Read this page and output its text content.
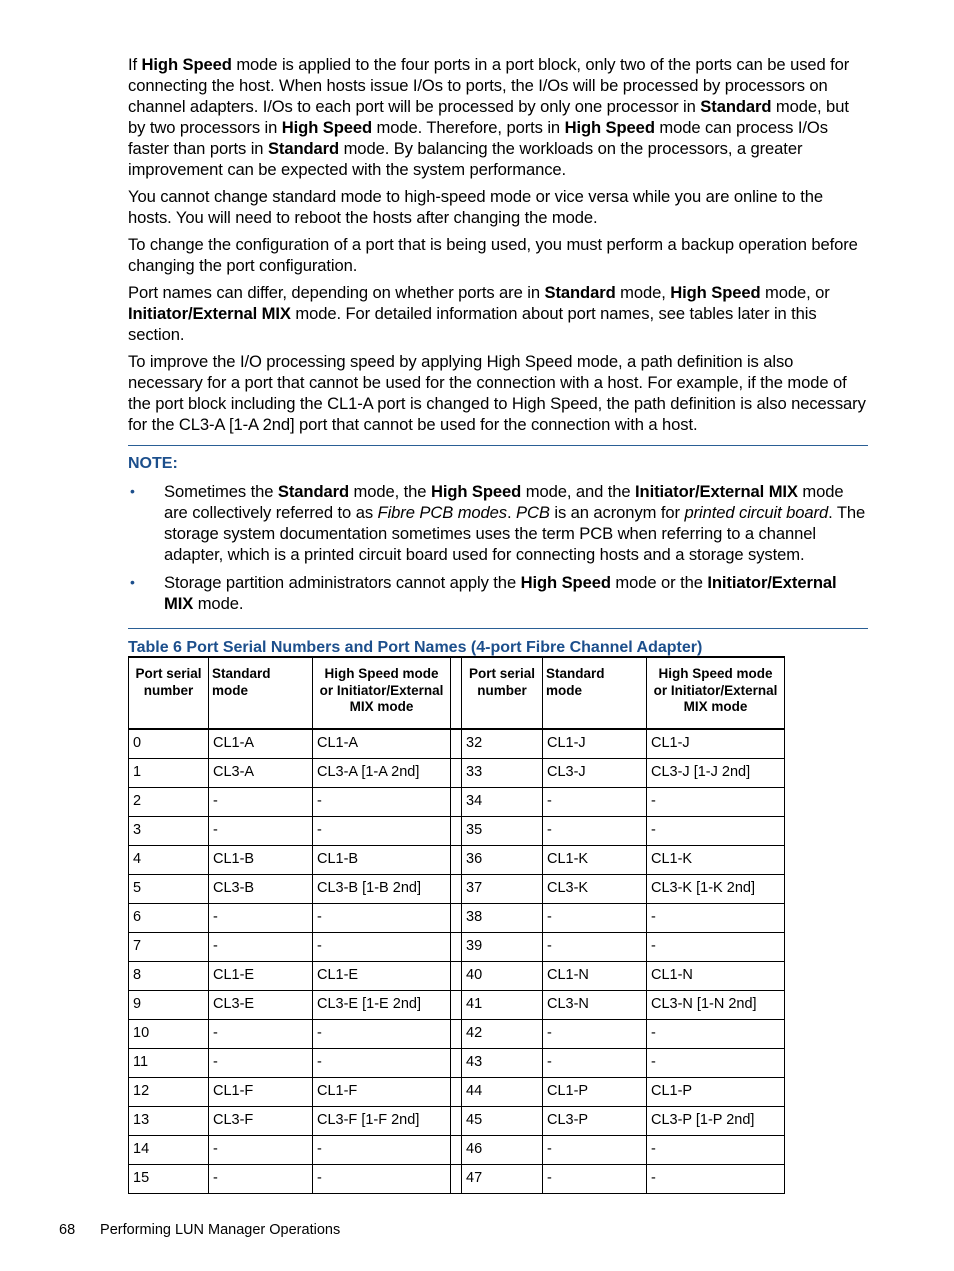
If High Speed mode is applied to the four ports in a port block, only two of the ports can be used for connecting the host. When hosts issue I/Os to ports, the I/Os will be processed by processors on channel adapters. I/Os to each port will be processed by only one processor in Standard mode, but by two processors in High Speed mode. Therefore, ports in High Speed mode can process I/Os faster than ports in Standard mode. By balancing the workloads on the processors, a greater improvement can be expected with the system performance.

You cannot change standard mode to high-speed mode or vice versa while you are online to the hosts. You will need to reboot the hosts after changing the mode.

To change the configuration of a port that is being used, you must perform a backup operation before changing the port configuration.

Port names can differ, depending on whether ports are in Standard mode, High Speed mode, or Initiator/External MIX mode. For detailed information about port names, see tables later in this section.

To improve the I/O processing speed by applying High Speed mode, a path definition is also necessary for a port that cannot be used for the connection with a host. For example, if the mode of the port block including the CL1-A port is changed to High Speed, the path definition is also necessary for the CL3-A [1-A 2nd] port that cannot be used for the connection with a host.

NOTE:
• Sometimes the Standard mode, the High Speed mode, and the Initiator/External MIX mode are collectively referred to as Fibre PCB modes. PCB is an acronym for printed circuit board. The storage system documentation sometimes uses the term PCB when referring to a channel adapter, which is a printed circuit board used for connecting hosts and a storage system.
• Storage partition administrators cannot apply the High Speed mode or the Initiator/External MIX mode.
Table 6 Port Serial Numbers and Port Names (4-port Fibre Channel Adapter)
Port serial number	Standard mode	High Speed mode or Initiator/External MIX mode		Port serial number	Standard mode	High Speed mode or Initiator/External MIX mode
0	CL1-A	CL1-A		32	CL1-J	CL1-J
1	CL3-A	CL3-A [1-A 2nd]		33	CL3-J	CL3-J [1-J 2nd]
2	-	-		34	-	-
3	-	-		35	-	-
4	CL1-B	CL1-B		36	CL1-K	CL1-K
5	CL3-B	CL3-B [1-B 2nd]		37	CL3-K	CL3-K [1-K 2nd]
6	-	-		38	-	-
7	-	-		39	-	-
8	CL1-E	CL1-E		40	CL1-N	CL1-N
9	CL3-E	CL3-E [1-E 2nd]		41	CL3-N	CL3-N [1-N 2nd]
10	-	-		42	-	-
11	-	-		43	-	-
12	CL1-F	CL1-F		44	CL1-P	CL1-P
13	CL3-F	CL3-F [1-F 2nd]		45	CL3-P	CL3-P [1-P 2nd]
14	-	-		46	-	-
15	-	-		47	-	-
68 Performing LUN Manager Operations
